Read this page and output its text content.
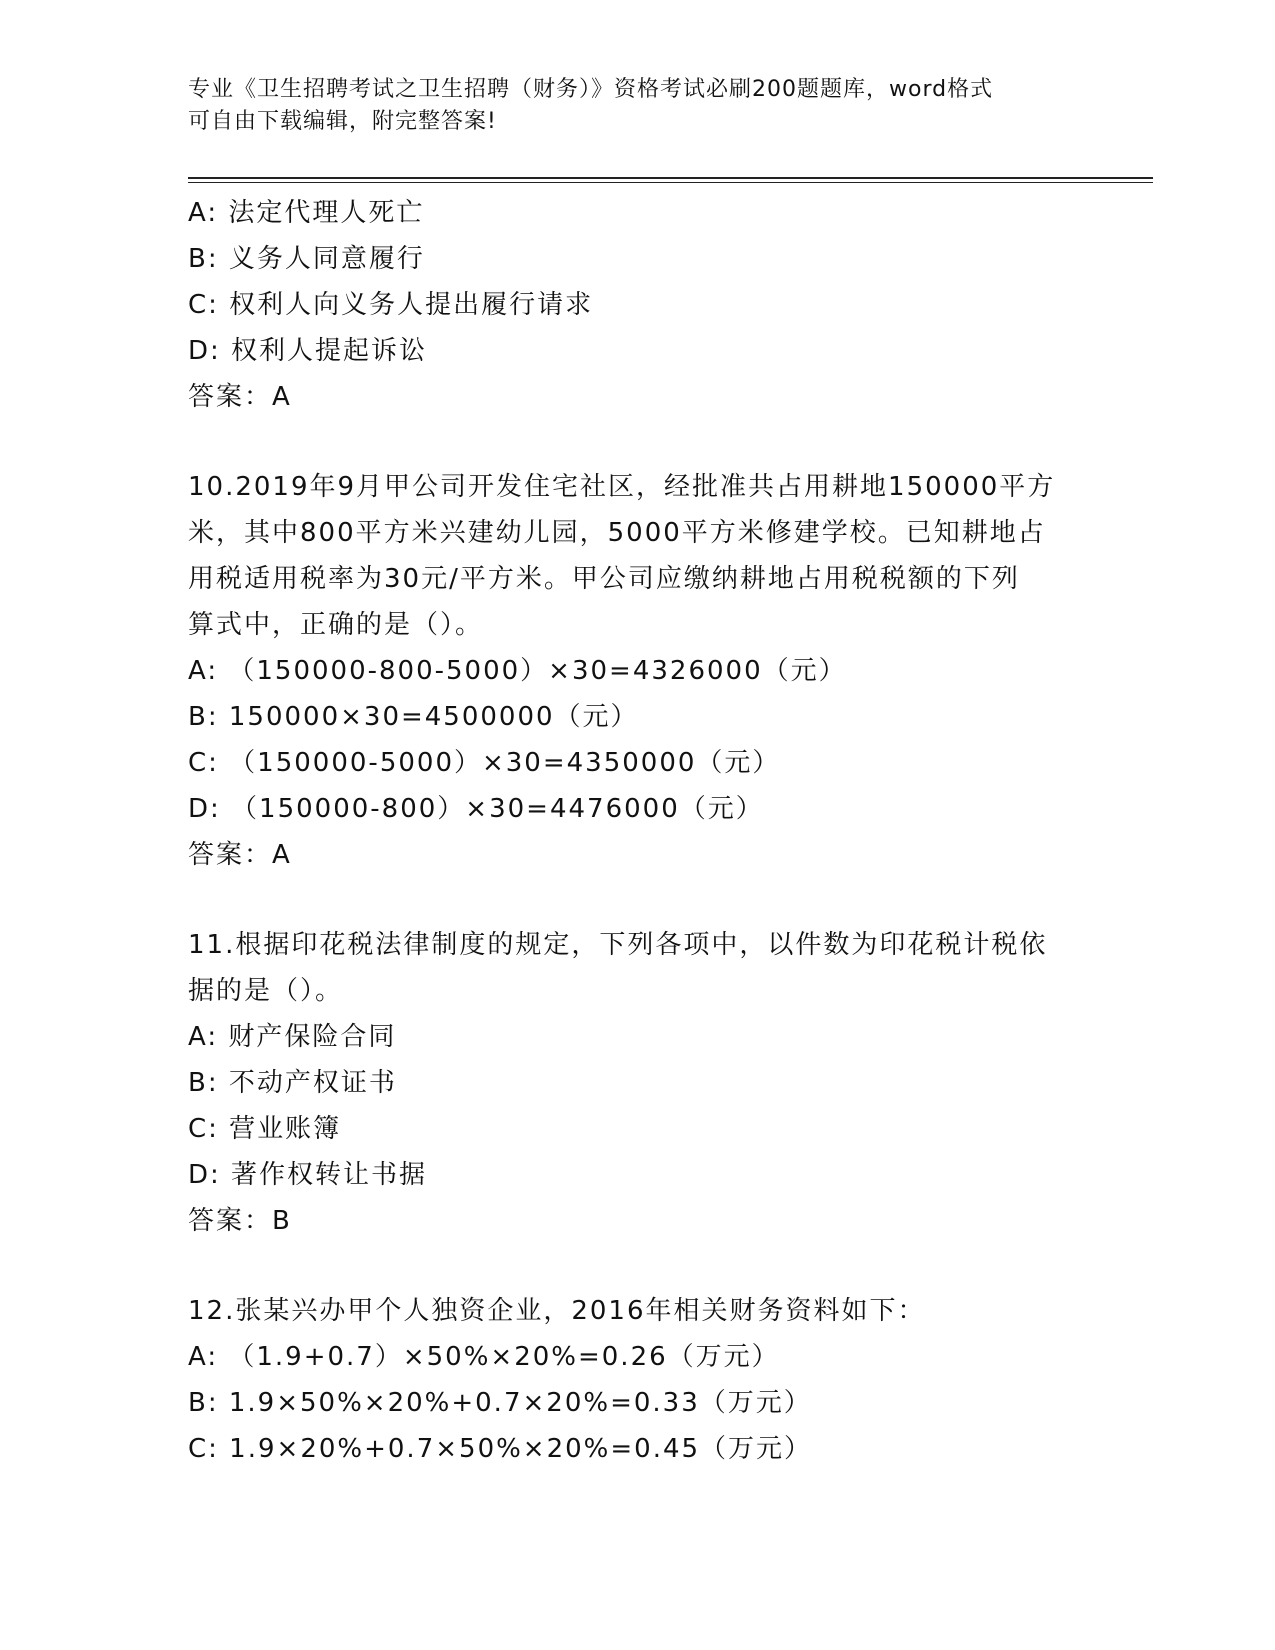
专业《卫生招聘考试之卫生招聘（财务）》资格考试必刷200题题库，word格式
可自由下载编辑，附完整答案!
A: 法定代理人死亡
B: 义务人同意履行
C: 权利人向义务人提出履行请求
D: 权利人提起诉讼
答案：A
10.2019年9月甲公司开发住宅社区，经批准共占用耕地150000平方
米，其中800平方米兴建幼儿园，5000平方米修建学校。已知耕地占
用税适用税率为30元/平方米。甲公司应缴纳耕地占用税税额的下列
算式中，正确的是（）。
A: （150000-800-5000）×30=4326000（元）
B: 150000×30=4500000（元）
C: （150000-5000）×30=4350000（元）
D: （150000-800）×30=4476000（元）
答案：A
11.根据印花税法律制度的规定，下列各项中，以件数为印花税计税依
据的是（）。
A: 财产保险合同
B: 不动产权证书
C: 营业账簿
D: 著作权转让书据
答案：B
12.张某兴办甲个人独资企业，2016年相关财务资料如下：
A: （1.9+0.7）×50%×20%=0.26（万元）
B: 1.9×50%×20%+0.7×20%=0.33（万元）
C: 1.9×20%+0.7×50%×20%=0.45（万元）
